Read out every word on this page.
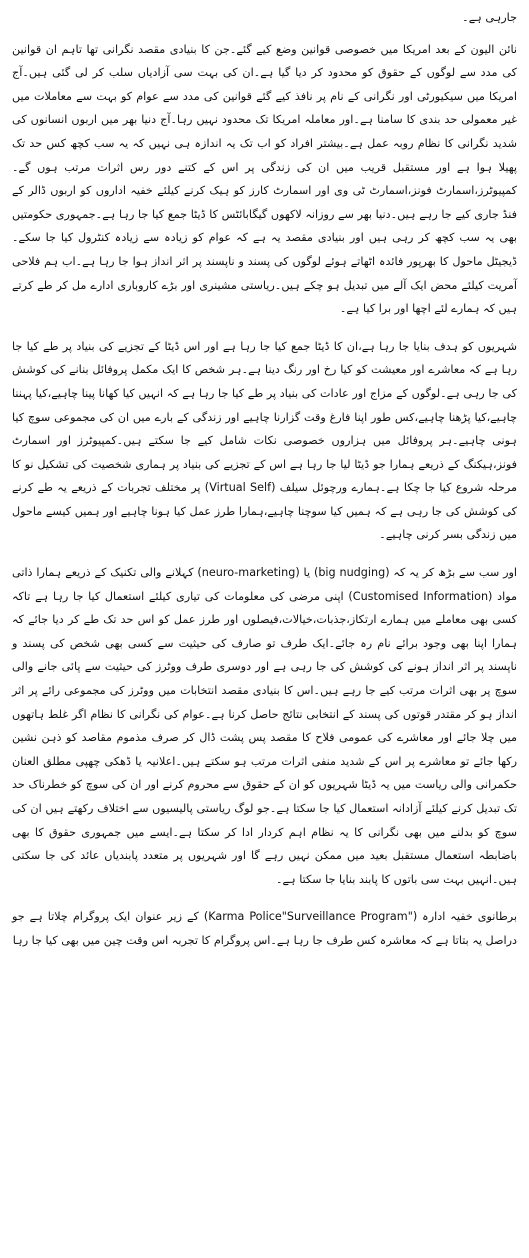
جارہی ہے۔

نائن الیون کے بعد امریکا میں خصوصی قوانین وضع کیے گئے۔جن کا بنیادی مقصد نگرانی تھا تاہم ان قوانین کی مدد سے لوگوں کے حقوق کو محدود کر دیا گیا ہے۔ان کی بہت سی آزادیاں سلب کر لی گئی ہیں۔آج امریکا میں سیکیورٹی اور نگرانی کے نام پر نافذ کیے گئے قوانین کی مدد سے عوام کو بہت سے معاملات میں غیر معمولی حد بندی کا سامنا ہے۔اور معاملہ امریکا تک محدود نہیں رہا۔آج دنیا بھر میں اربوں انسانوں کی شدید نگرانی کا نظام روبہ عمل ہے۔بیشتر افراد کو اب تک یہ اندازہ ہی نہیں کہ یہ سب کچھ کس حد تک پھیلا ہوا ہے اور مستقبل قریب میں ان کی زندگی پر اس کے کتنے دور رس اثرات مرتب ہوں گے۔کمپیوٹرز،اسمارٹ فونز،اسمارٹ ٹی وی اور اسمارٹ کارز کو ہیک کرنے کیلئے خفیہ اداروں کو اربوں ڈالر کے فنڈ جاری کیے جا رہے ہیں۔دنیا بھر سے روزانہ لاکھوں گیگابائٹس کا ڈیٹا جمع کیا جا رہا ہے۔جمہوری حکومتیں بھی یہ سب کچھ کر رہی ہیں اور بنیادی مقصد یہ ہے کہ عوام کو زیادہ سے زیادہ کنٹرول کیا جا سکے۔ڈیجیٹل ماحول کا بھرپور فائدہ اٹھاتے ہوئے لوگوں کی پسند و ناپسند پر اثر انداز ہوا جا رہا ہے۔اب ہم فلاحی آمریت کیلئے محض ایک آلے میں تبدیل ہو چکے ہیں۔ریاستی مشینری اور بڑے کاروباری ادارے مل کر طے کرتے ہیں کہ ہمارے لئے اچھا اور برا کیا ہے۔

شہریوں کو ہدف بنایا جا رہا ہے،ان کا ڈیٹا جمع کیا جا رہا ہے اور اس ڈیٹا کے تجزیے کی بنیاد پر طے کیا جا رہا ہے کہ معاشرے اور معیشت کو کیا رخ اور رنگ دینا ہے۔ہر شخص کا ایک مکمل پروفائل بنانے کی کوشش کی جا رہی ہے۔لوگوں کے مزاج اور عادات کی بنیاد پر طے کیا جا رہا ہے کہ انہیں کیا کھانا پینا چاہیے،کیا پہننا چاہیے،کیا پڑھنا چاہیے،کس طور اپنا فارغ وقت گزارنا چاہیے اور زندگی کے بارے میں ان کی مجموعی سوچ کیا ہونی چاہیے۔ہر پروفائل میں ہزاروں خصوصی نکات شامل کیے جا سکتے ہیں۔کمپیوٹرز اور اسمارٹ فونز،ہیکنگ کے ذریعے ہمارا جو ڈیٹا لیا جا رہا ہے اس کے تجزیے کی بنیاد پر ہماری شخصیت کی تشکیل نو کا مرحلہ شروع کیا جا چکا ہے۔ہمارے ورچوئل سیلف (Virtual Self) پر مختلف تجربات کے ذریعے یہ طے کرنے کی کوشش کی جا رہی ہے کہ ہمیں کیا سوچنا چاہیے،ہمارا طرز عمل کیا ہونا چاہیے اور ہمیں کیسے ماحول میں زندگی بسر کرنی چاہیے۔

اور سب سے بڑھ کر یہ کہ (big nudging) یا (neuro-marketing) کہلانے والی تکنیک کے ذریعے ہمارا ذاتی مواد (Customised Information) اپنی مرضی کی معلومات کی تیاری کیلئے استعمال کیا جا رہا ہے تاکہ کسی بھی معاملے میں ہمارے ارتکاز،جذبات،خیالات،فیصلوں اور طرز عمل کو اس حد تک طے کر دیا جائے کہ ہمارا اپنا بھی وجود برائے نام رہ جائے۔ایک طرف تو صارف کی حیثیت سے کسی بھی شخص کی پسند و ناپسند پر اثر انداز ہونے کی کوشش کی جا رہی ہے اور دوسری طرف ووٹرز کی حیثیت سے پائی جانے والی سوچ پر بھی اثرات مرتب کیے جا رہے ہیں۔اس کا بنیادی مقصد انتخابات میں ووٹرز کی مجموعی رائے پر اثر انداز ہو کر مقتدر قوتوں کی پسند کے انتخابی نتائج حاصل کرنا ہے۔عوام کی نگرانی کا نظام اگر غلط ہاتھوں میں چلا جائے اور معاشرے کی عمومی فلاح کا مقصد پس پشت ڈال کر صرف مذموم مقاصد کو ذہن نشین رکھا جائے تو معاشرے پر اس کے شدید منفی اثرات مرتب ہو سکتے ہیں۔اعلانیہ یا ڈھکی چھپی مطلق العنان حکمرانی والی ریاست میں یہ ڈیٹا شہریوں کو ان کے حقوق سے محروم کرنے اور ان کی سوچ کو خطرناک حد تک تبدیل کرنے کیلئے آزادانہ استعمال کیا جا سکتا ہے۔جو لوگ ریاستی پالیسیوں سے اختلاف رکھتے ہیں ان کی سوچ کو بدلنے میں بھی نگرانی کا یہ نظام اہم کردار ادا کر سکتا ہے۔ایسے میں جمہوری حقوق کا بھی باضابطہ استعمال مستقبل بعید میں ممکن نہیں رہے گا اور شہریوں پر متعدد پابندیاں عائد کی جا سکتی ہیں۔انہیں بہت سی باتوں کا پابند بنایا جا سکتا ہے۔

برطانوی خفیہ ادارہ ("Karma Police"Surveillance Program) کے زیر عنوان ایک پروگرام چلاتا ہے جو دراصل یہ بتاتا ہے کہ معاشرہ کس طرف جا رہا ہے۔اس پروگرام کا تجربہ اس وقت چین میں بھی کیا جا رہا
